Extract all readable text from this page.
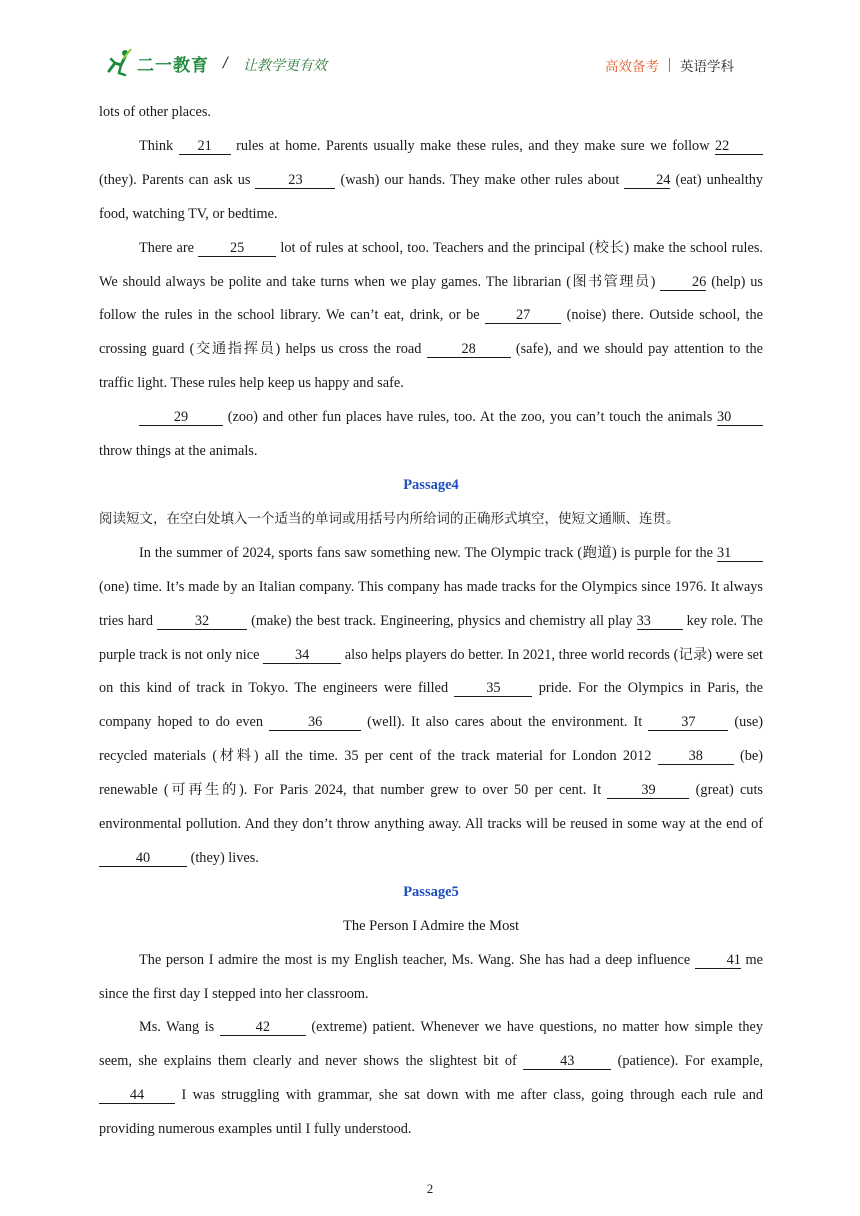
二一教育 / 让教学更有效	高效备考 英语学科

lots of other places.

Think 21 rules at home. Parents usually make these rules, and they make sure we follow 22 (they). Parents can ask us	23	(wash) our hands. They make other rules about	24 (eat) unhealthy food, watching TV, or bedtime.

There are	25	lot of rules at school, too. Teachers and the principal (校长) make the school rules. We should always be polite and take turns when we play games. The librarian (图书管理员)	26 (help) us follow the rules in the school library. We can’t eat, drink, or be	27	(noise) there. Outside school, the crossing guard (交通指挥员) helps us cross the road	28	(safe), and we should pay attention to the traffic light. These rules help keep us happy and safe.

29	(zoo) and other fun places have rules, too. At the zoo, you can’t touch the animals 30 throw things at the animals.

Passage4

阅读短文，在空白处填入一个适当的单词或用括号内所给词的正确形式填空，使短文通顺、连贯。

In the summer of 2024, sports fans saw something new. The Olympic track (跑道) is purple for the 31 (one) time. It’s made by an Italian company. This company has made tracks for the Olympics since 1976. It always tries hard	32	(make) the best track. Engineering, physics and chemistry all play 33 key role. The purple track is not only nice 34 also helps players do better. In 2021, three world records (记录) were set on this kind of track in Tokyo. The engineers were filled	35	pride. For the Olympics in Paris, the company hoped to do even	36	(well). It also cares about the environment. It	37	(use) recycled materials (材料) all the time. 35 per cent of the track material for London 2012	38	(be) renewable (可再生的). For Paris 2024, that number grew to over 50 per cent. It	39	(great) cuts environmental pollution. And they don’t throw anything away. All tracks will be reused in some way at the end of 40	(they) lives.

Passage5

The Person I Admire the Most

The person I admire the most is my English teacher, Ms. Wang. She has had a deep influence	41 me since the first day I stepped into her classroom.

Ms. Wang is	42	(extreme) patient. Whenever we have questions, no matter how simple they seem, she explains them clearly and never shows the slightest bit of	43	(patience). For example, 44	I was struggling with grammar, she sat down with me after class, going through each rule and providing numerous examples until I fully understood.

2
